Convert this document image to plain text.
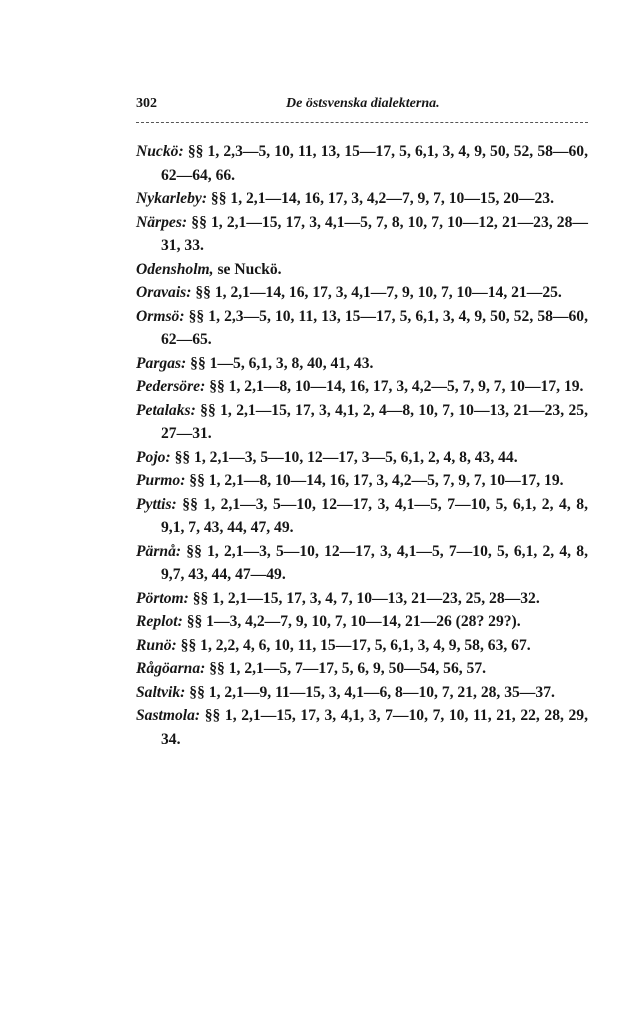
302	De östsvenska dialekterna.
Nuckö: §§ 1, 2,3—5, 10, 11, 13, 15—17, 5, 6,1, 3, 4, 9, 50, 52, 58—60, 62—64, 66.
Nykarleby: §§ 1, 2,1—14, 16, 17, 3, 4,2—7, 9, 7, 10—15, 20—23.
Närpes: §§ 1, 2,1—15, 17, 3, 4,1—5, 7, 8, 10, 7, 10—12, 21—23, 28—31, 33.
Odensholm, se Nuckö.
Oravais: §§ 1, 2,1—14, 16, 17, 3, 4,1—7, 9, 10, 7, 10—14, 21—25.
Ormsö: §§ 1, 2,3—5, 10, 11, 13, 15—17, 5, 6,1, 3, 4, 9, 50, 52, 58—60, 62—65.
Pargas: §§ 1—5, 6,1, 3, 8, 40, 41, 43.
Pedersöre: §§ 1, 2,1—8, 10—14, 16, 17, 3, 4,2—5, 7, 9, 7, 10—17, 19.
Petalaks: §§ 1, 2,1—15, 17, 3, 4,1, 2, 4—8, 10, 7, 10—13, 21—23, 25, 27—31.
Pojo: §§ 1, 2,1—3, 5—10, 12—17, 3—5, 6,1, 2, 4, 8, 43, 44.
Purmo: §§ 1, 2,1—8, 10—14, 16, 17, 3, 4,2—5, 7, 9, 7, 10—17, 19.
Pyttis: §§ 1, 2,1—3, 5—10, 12—17, 3, 4,1—5, 7—10, 5, 6,1, 2, 4, 8, 9,1, 7, 43, 44, 47, 49.
Pärnå: §§ 1, 2,1—3, 5—10, 12—17, 3, 4,1—5, 7—10, 5, 6,1, 2, 4, 8, 9,7, 43, 44, 47—49.
Pörtom: §§ 1, 2,1—15, 17, 3, 4, 7, 10—13, 21—23, 25, 28—32.
Replot: §§ 1—3, 4,2—7, 9, 10, 7, 10—14, 21—26 (28? 29?).
Runö: §§ 1, 2,2, 4, 6, 10, 11, 15—17, 5, 6,1, 3, 4, 9, 58, 63, 67.
Rågöarna: §§ 1, 2,1—5, 7—17, 5, 6, 9, 50—54, 56, 57.
Saltvik: §§ 1, 2,1—9, 11—15, 3, 4,1—6, 8—10, 7, 21, 28, 35—37.
Sastmola: §§ 1, 2,1—15, 17, 3, 4,1, 3, 7—10, 7, 10, 11, 21, 22, 28, 29, 34.
